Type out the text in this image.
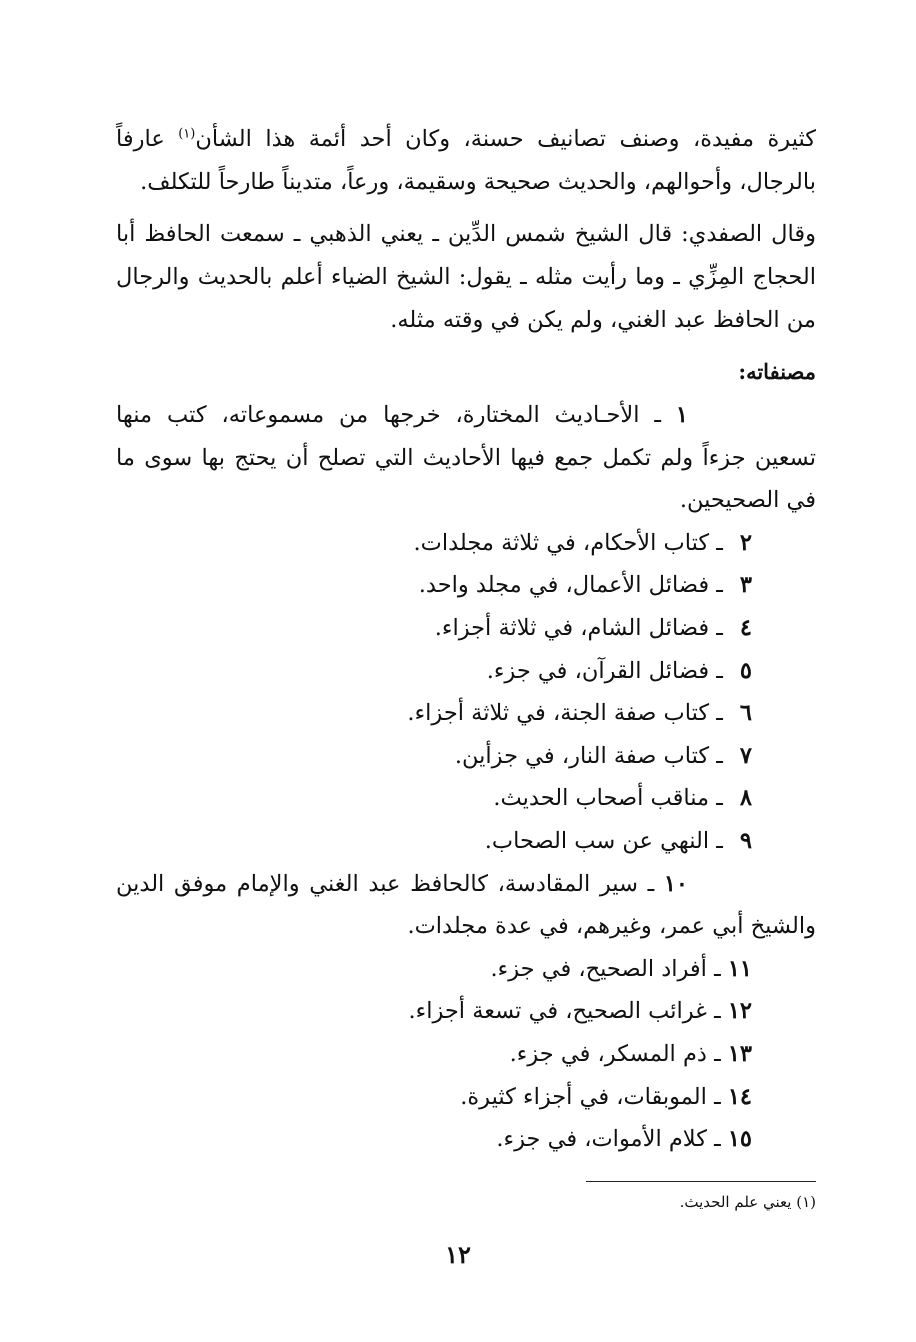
كثيرة مفيدة، وصنف تصانيف حسنة، وكان أحد أئمة هذا الشأن$^{(١)}$ عارفاً بالرجال، وأحوالهم، والحديث صحيحة وسقيمة، ورعاً، متديناً طارحاً للتكلف.

وقال الصفدي: قال الشيخ شمس الدِّين ـ يعني الذهبي ـ سمعت الحافظ أبا الحجاج المِزِّي ـ وما رأيت مثله ـ يقول: الشيخ الضياء أعلم بالحديث والرجال من الحافظ عبد الغني، ولم يكن في وقته مثله.

مصنفاته:
١ ـ الأحـاديث المختارة، خرجها من مسموعاته، كتب منها تسعين جزءاً ولم تكمل جمع فيها الأحاديث التي تصلح أن يحتج بها سوى ما في الصحيحين.
٢ ـ كتاب الأحكام، في ثلاثة مجلدات.
٣ ـ فضائل الأعمال، في مجلد واحد.
٤ ـ فضائل الشام، في ثلاثة أجزاء.
٥ ـ فضائل القرآن، في جزء.
٦ ـ كتاب صفة الجنة، في ثلاثة أجزاء.
٧ ـ كتاب صفة النار، في جزأين.
٨ ـ مناقب أصحاب الحديث.
٩ ـ النهي عن سب الصحاب.
١٠ ـ سير المقادسة، كالحافظ عبد الغني والإمام موفق الدين والشيخ أبي عمر، وغيرهم، في عدة مجلدات.
١١ ـ أفراد الصحيح، في جزء.
١٢ ـ غرائب الصحيح، في تسعة أجزاء.
١٣ ـ ذم المسكر، في جزء.
١٤ ـ الموبقات، في أجزاء كثيرة.
١٥ ـ كلام الأموات، في جزء.
(١) يعني علم الحديث.
١٢
